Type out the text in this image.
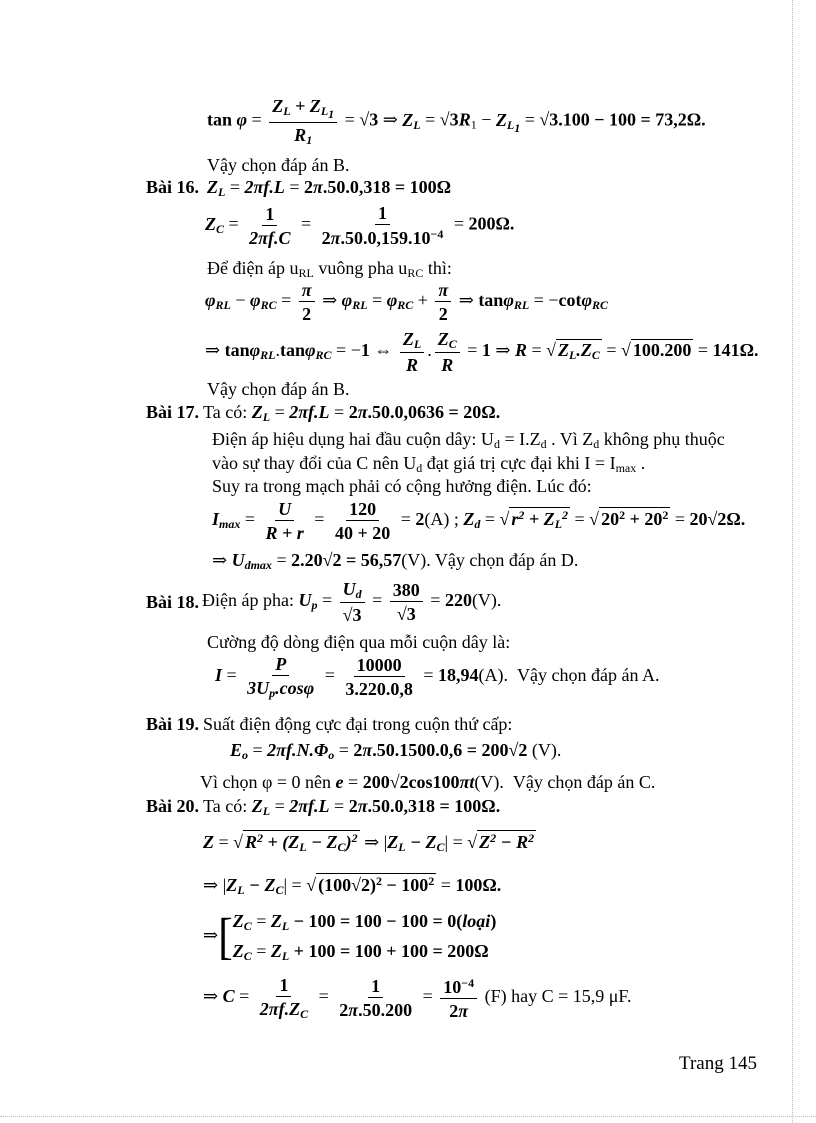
$\tan \varphi = \frac{Z_L + Z_{L_1}}{R_1} = √3$ ⇒ $Z_L = √3R_1 - Z_{L_1} = √3.100 - 100 = 73,2\Omega$.
Vậy chọn đáp án B.
Bài 16. $Z_L = 2\pi f.L = 2\pi.50.0,318 = 100\Omega$
$Z_C = \frac{1}{2\pi f.C} = \frac{1}{2\pi.50.0,159.10^{-4}} = 200\Omega$.
Để điện áp $u_{RL}$ vuông pha $u_{RC}$ thì:
$\varphi_{RL} - \varphi_{RC} = \frac{\pi}{2}$ ⇒ $\varphi_{RL} = \varphi_{RC} + \frac{\pi}{2}$ ⇒ tanφ$_{RL}$ = −cotφ$_{RC}$
⇒ tanφ$_{RL}$.tanφ$_{RC}$ = −1 ⇔ $\frac{Z_L}{R}$ . $\frac{Z_C}{R} = 1$ ⇒ R = √ $Z_L.Z_C$ = √ 100.200 = 141Ω.
Vậy chọn đáp án B.
Bài 17. Ta có: $Z_L = 2\pi f.L = 2\pi.50.0,0636 = 20\Omega$.
Điện áp hiệu dụng hai đầu cuộn dây: $U_d = I.Z_d$ . Vì $Z_d$ không phụ thuộc
vào sự thay đổi của C nên $U_d$ đạt giá trị cực đại khi $I = I_{max}$ .
Suy ra trong mạch phải có cộng hưởng điện. Lúc đó:
$I_{max} = \frac{U}{R + r} = \frac{120}{40 + 20} = 2(A)$ ; $Z_d$ = √ $r^2 + Z_L^2$ = √ $20^2 + 20^2 = 20√2\Omega$.
⇒ $U_{dmax} = 2.20√2 = 56,57(V)$. Vậy chọn đáp án D.
Bài 18. Điện áp pha: $U_p = \frac{U_d}{√3} = \frac{380}{√3} = 220(V)$.
Cường độ dòng điện qua mỗi cuộn dây là:
$I = \frac{P}{3U_p.\cos\varphi} = \frac{10000}{3.220.0,8} = 18,94(A)$.  Vậy chọn đáp án A.
Bài 19. Suất điện động cực đại trong cuộn thứ cấp:
$E_o = 2\pi f.N.\Phi_o = 2\pi.50.1500.0,6 = 200√2$ (V).
Vì chọn φ = 0 nên e = 200√2cos100πt(V).  Vậy chọn đáp án C.
Bài 20. Ta có: $Z_L = 2\pi f.L = 2\pi.50.0,318 = 100\Omega$.
Z = √ $R^2 + (Z_L - Z_C)^2$ ⇒ $|Z_L - Z_C|$ = √ $Z^2 - R^2$
⇒ $|Z_L - Z_C|$ = √ $(100√2)^2 - 100^2 = 100\Omega$.
⇒[ $Z_C = Z_L - 100 = 100 - 100$ = 0(loại)
$Z_C = Z_L + 100 = 100 + 100 = 200\Omega$
⇒ $C = \frac{1}{2\pi f.Z_C} = \frac{1}{2\pi.50.200} = \frac{10^{-4}}{2\pi} (F)$ hay C = 15,9 μF.
Trang 145
